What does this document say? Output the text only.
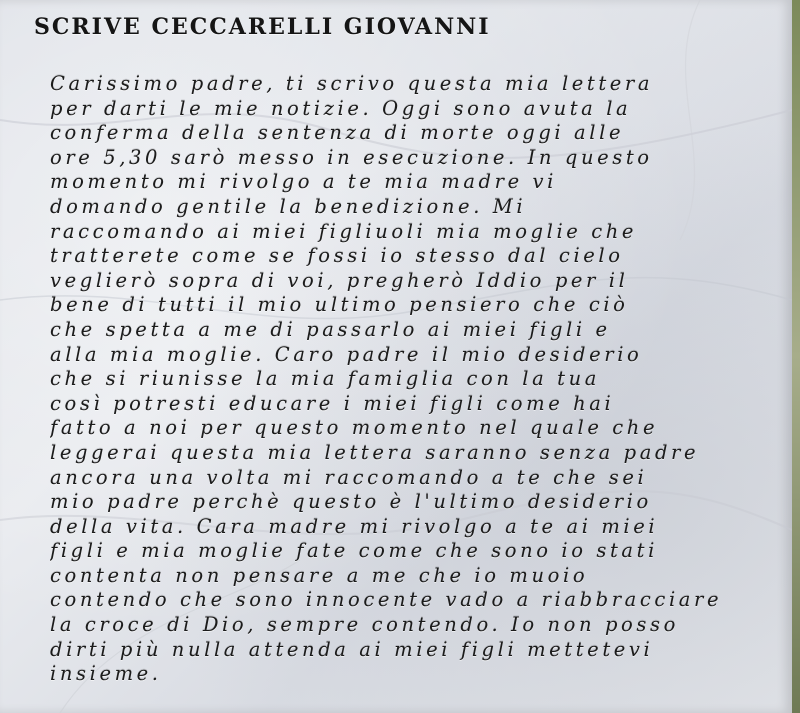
SCRIVE CECCARELLI GIOVANNI
Carissimo padre, ti scrivo questa mia lettera
per darti le mie notizie. Oggi sono avuta la
conferma della sentenza di morte oggi alle
ore 5,30 sarò messo in esecuzione. In questo
momento mi rivolgo a te mia madre vi
domando gentile la benedizione. Mi
raccomando ai miei figliuoli mia moglie che
tratterete come se fossi io stesso dal cielo
veglierò sopra di voi, pregherò Iddio per il
bene di tutti il mio ultimo pensiero che ciò
che spetta a me di passarlo ai miei figli e
alla mia moglie. Caro padre il mio desiderio
che si riunisse la mia famiglia con la tua
così potresti educare i miei figli come hai
fatto a noi per questo momento nel quale che
leggerai questa mia lettera saranno senza padre
ancora una volta mi raccomando a te che sei
mio padre perchè questo è l'ultimo desiderio
della vita. Cara madre mi rivolgo a te ai miei
figli e mia moglie fate come che sono io stati
contenta non pensare a me che io muoio
contendo che sono innocente vado a riabbracciare
la croce di Dio, sempre contendo. Io non posso
dirti più nulla attenda ai miei figli mettetevi
insieme.
